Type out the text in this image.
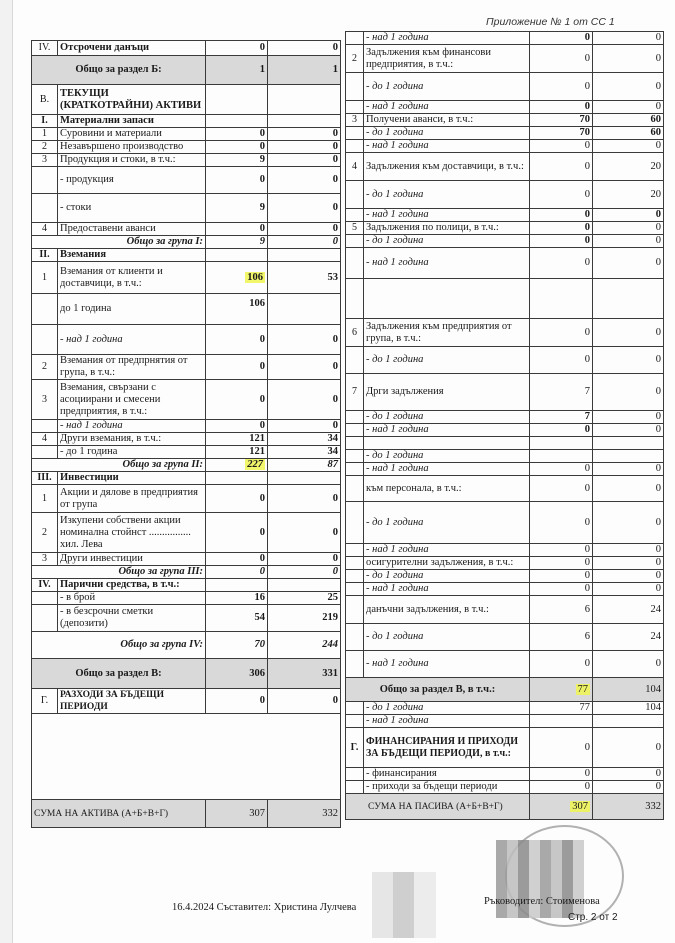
Приложение № 1 от СС 1
IV.	Отсрочени данъци	0	0
Общо за раздел Б:		1	1
В.	ТЕКУЩИ (КРАТКОТРАЙНИ) АКТИВИ		
I.	Материални запаси		
1	Суровини и материали	0	0
2	Незавършено производство	0	0
3	Продукция и стоки, в т.ч.:	9	0
	- продукция	0	0
	- стоки	9	0
4	Предоставени аванси	0	0
Общо за група I:		9	0
II.	Вземания		
1	Вземания от клиенти и доставчици, в т.ч.:	106	53
	до 1 година	106	
	- над 1 година	0	0
2	Вземания от предпрнятия от група, в т.ч.:	0	0
3	Вземания, свързани с асоциирани и смесени предприятия, в т.ч.:	0	0
	- над 1 година	0	0
4	Други вземания, в т.ч.:	121	34
	- до 1 година	121	34
Общо за група II:		227	87
III.	Инвестиции		
1	Акции и дялове в предприятия от група	0	0
2	Изкупени собствени акции номинална стойнст ................ хил. Лева	0	0
3	Други инвестиции	0	0
Общо за група III:		0	0
IV.	Парични средства, в т.ч.:		
	- в брой	16	25
	- в безсрочни сметки (депозити)	54	219
Общо за група IV:		70	244
Общо за раздел В:		306	331
Г.	РАЗХОДИ ЗА БЪДЕЩИ ПЕРИОДИ	0	0

СУМА НА АКТИВА (А+Б+В+Г)		307	332
	- над 1 година	0	0
2	Задължения към финансови предприятия, в т.ч.:	0	0
	- до 1 година	0	0
	- над 1 година	0	0
3	Получени аванси, в т.ч.:	70	60
	- до 1 година	70	60
	- над 1 година	0	0
4	Задължения към доставчици, в т.ч.:	0	20
	- до 1 година	0	20
	- над 1 година	0	0
5	Задължения по полици, в т.ч.:	0	0
	- до 1 година	0	0
	- над 1 година	0	0

6	Задължения към предприятия от група, в т.ч.:	0	0
	- до 1 година	0	0
7	Дрги задължения	7	0
	- до 1 година	7	0
	- над 1 година	0	0

	- до 1 година		
	- над 1 година	0	0
	към персонала, в т.ч.:	0	0
	- до 1 година	0	0
	- над 1 година	0	0
	осигурителни задължения, в т.ч.:	0	0
	- до 1 година	0	0
	- над 1 година	0	0
	данъчни задължения, в т.ч.:	6	24
	- до 1 година	6	24
	- над 1 година	0	0
Общо за раздел В, в т.ч.:		77	104
	- до 1 година	77	104
	- над 1 година		
Г.	ФИНАНСИРАНИЯ И ПРИХОДИ ЗА БЪДЕЩИ ПЕРИОДИ, в т.ч.:	0	0
	- финансирания	0	0
	- приходи за бъдещи периоди	0	0
СУМА НА ПАСИВА (А+Б+В+Г)		307	332
16.4.2024 Съставител: Христина Лулчева
Ръководител: Стоименова
Стр. 2 от 2
